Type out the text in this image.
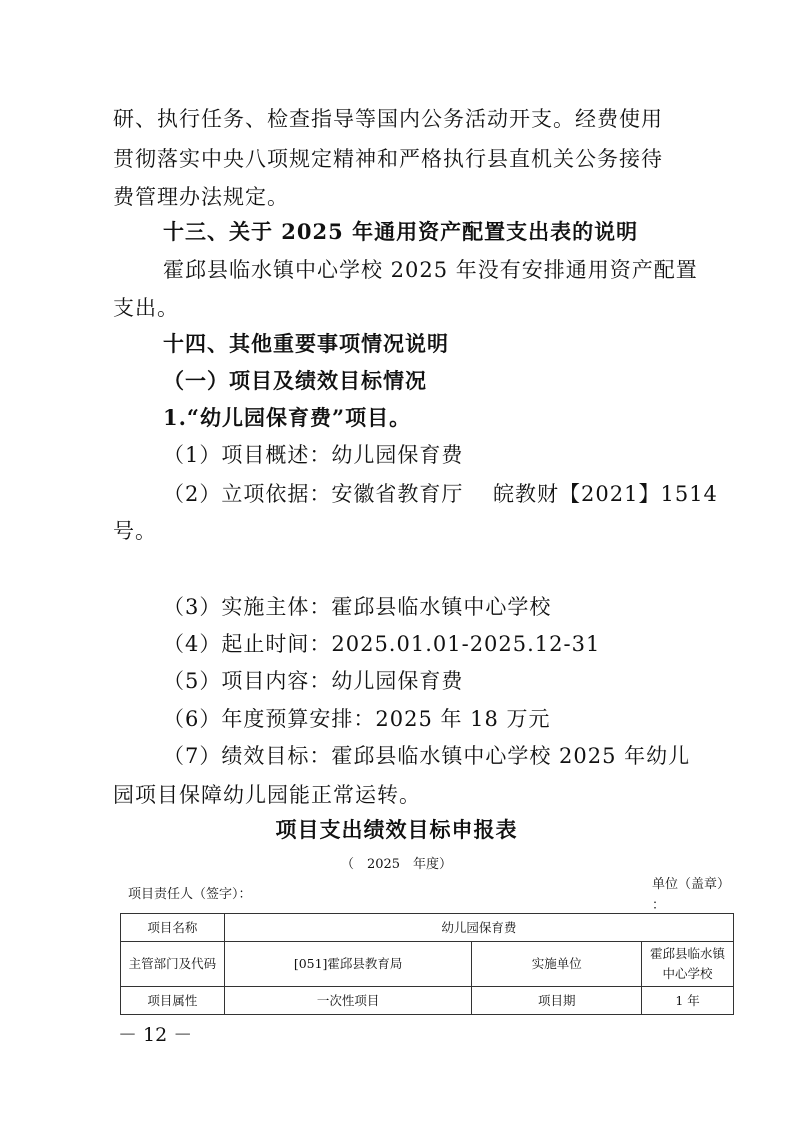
研、执行任务、检查指导等国内公务活动开支。经费使用
贯彻落实中央八项规定精神和严格执行县直机关公务接待
费管理办法规定。
十三、关于 2025 年通用资产配置支出表的说明
霍邱县临水镇中心学校 2025 年没有安排通用资产配置
支出。
十四、其他重要事项情况说明
（一）项目及绩效目标情况
1.“幼儿园保育费”项目。
（1）项目概述：幼儿园保育费
（2）立项依据：安徽省教育厅　 皖教财【2021】1514
号。
（3）实施主体：霍邱县临水镇中心学校
（4）起止时间：2025.01.01-2025.12-31
（5）项目内容：幼儿园保育费
（6）年度预算安排：2025 年 18 万元
（7）绩效目标：霍邱县临水镇中心学校 2025 年幼儿
园项目保障幼儿园能正常运转。
项目支出绩效目标申报表
（　2025　年度）
项目责任人（签字）：
单位（盖章）
：
项目名称	幼儿园保育费		
主管部门及代码	[051]霍邱县教育局	实施单位	霍邱县临水镇中心学校
项目属性	一次性项目	项目期	1 年
－ 12 －
